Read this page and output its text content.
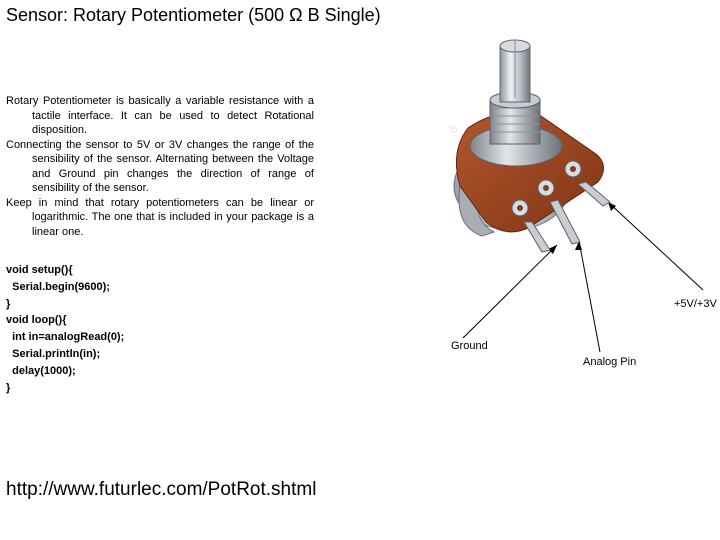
Sensor: Rotary Potentiometer (500 Ω B Single)

Rotary Potentiometer is basically a variable resistance with a tactile interface. It can be used to detect Rotational disposition.

Connecting the sensor to 5V or 3V changes the range of the sensibility of the sensor. Alternating between the Voltage and Ground pin changes the direction of range of sensibility of the sensor.

Keep in mind that rotary potentiometers can be linear or logarithmic. The one that is included in your package is a linear one.

void setup(){
Serial.begin(9600);
}
void loop(){
int in=analogRead(0);
Serial.println(in);
delay(1000);
}
http://www.futurlec.com/PotRot.shtml
B
Ground
Analog Pin
+5V/+3V
